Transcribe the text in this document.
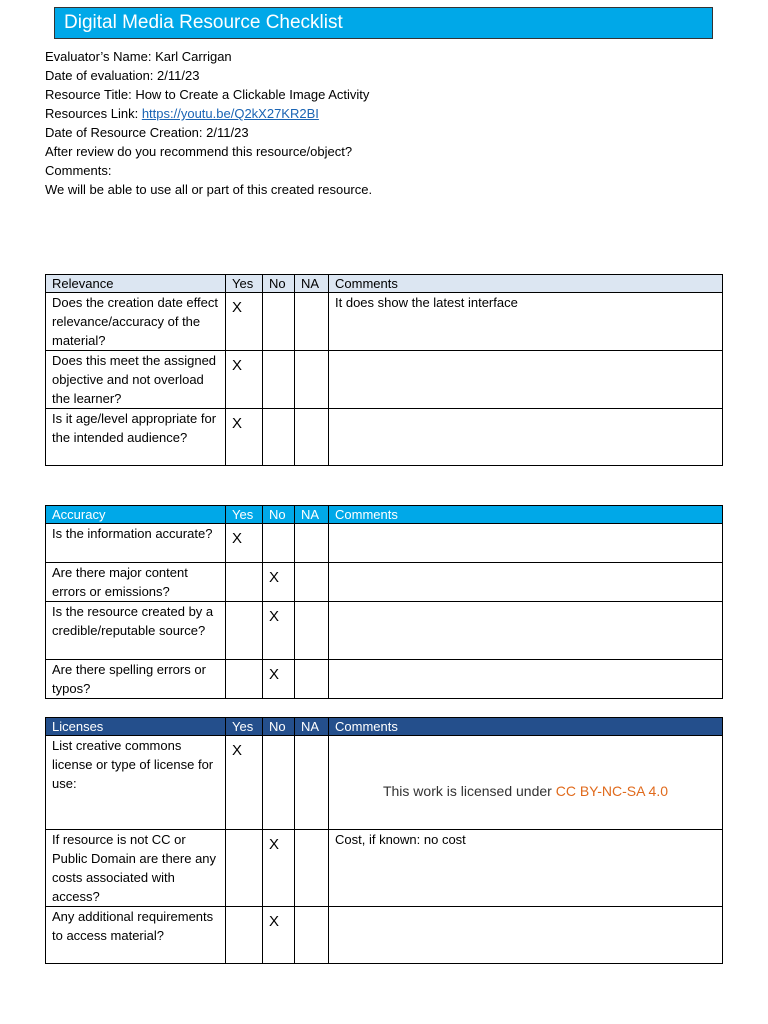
Digital Media Resource Checklist
Evaluator’s Name: Karl Carrigan
Date of evaluation: 2/11/23
Resource Title: How to Create a Clickable Image Activity
Resources Link: https://youtu.be/Q2kX27KR2BI
Date of Resource Creation: 2/11/23
After review do you recommend this resource/object?
Comments:
We will be able to use all or part of this created resource.
Relevance	Yes	No	NA	Comments
Does the creation date effect relevance/accuracy of the material?	X			It does show the latest interface
Does this meet the assigned objective and not overload the learner?	X			
Is it age/level appropriate for the intended audience?	X			
Accuracy	Yes	No	NA	Comments
Is the information accurate?	X			
Are there major content errors or emissions?		X		
Is the resource created by a credible/reputable source?		X		
Are there spelling errors or typos?		X		
Licenses	Yes	No	NA	Comments
List creative commons license or type of license for use:	X			This work is licensed under CC BY-NC-SA 4.0

If resource is not CC or Public Domain are there any costs associated with access?		X		Cost, if known: no cost
Any additional requirements to access material?		X		
